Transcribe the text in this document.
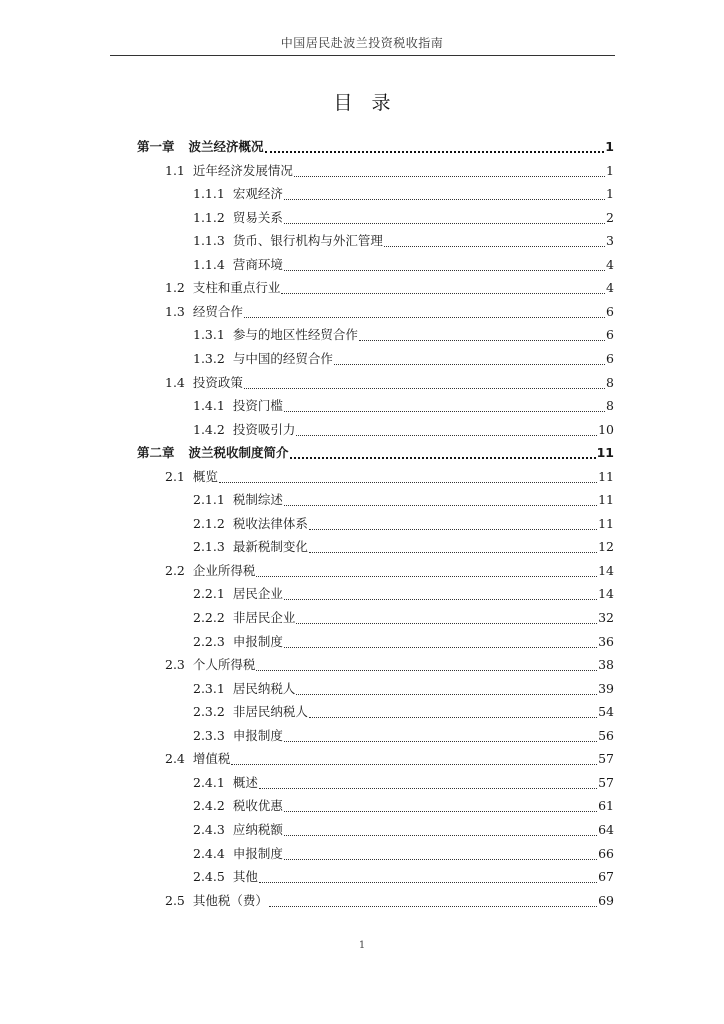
中国居民赴波兰投资税收指南
目　录
第一章 波兰经济概况	1
1.1 近年经济发展情况	1
1.1.1 宏观经济	1
1.1.2 贸易关系	2
1.1.3 货币、银行机构与外汇管理	3
1.1.4 营商环境	4
1.2 支柱和重点行业	4
1.3 经贸合作	6
1.3.1 参与的地区性经贸合作	6
1.3.2 与中国的经贸合作	6
1.4 投资政策	8
1.4.1 投资门槛	8
1.4.2 投资吸引力	10
第二章 波兰税收制度简介	11
2.1 概览	11
2.1.1 税制综述	11
2.1.2 税收法律体系	11
2.1.3 最新税制变化	12
2.2 企业所得税	14
2.2.1 居民企业	14
2.2.2 非居民企业	32
2.2.3 申报制度	36
2.3 个人所得税	38
2.3.1 居民纳税人	39
2.3.2 非居民纳税人	54
2.3.3 申报制度	56
2.4 增值税	57
2.4.1 概述	57
2.4.2 税收优惠	61
2.4.3 应纳税额	64
2.4.4 申报制度	66
2.4.5 其他	67
2.5 其他税（费）	69
1
